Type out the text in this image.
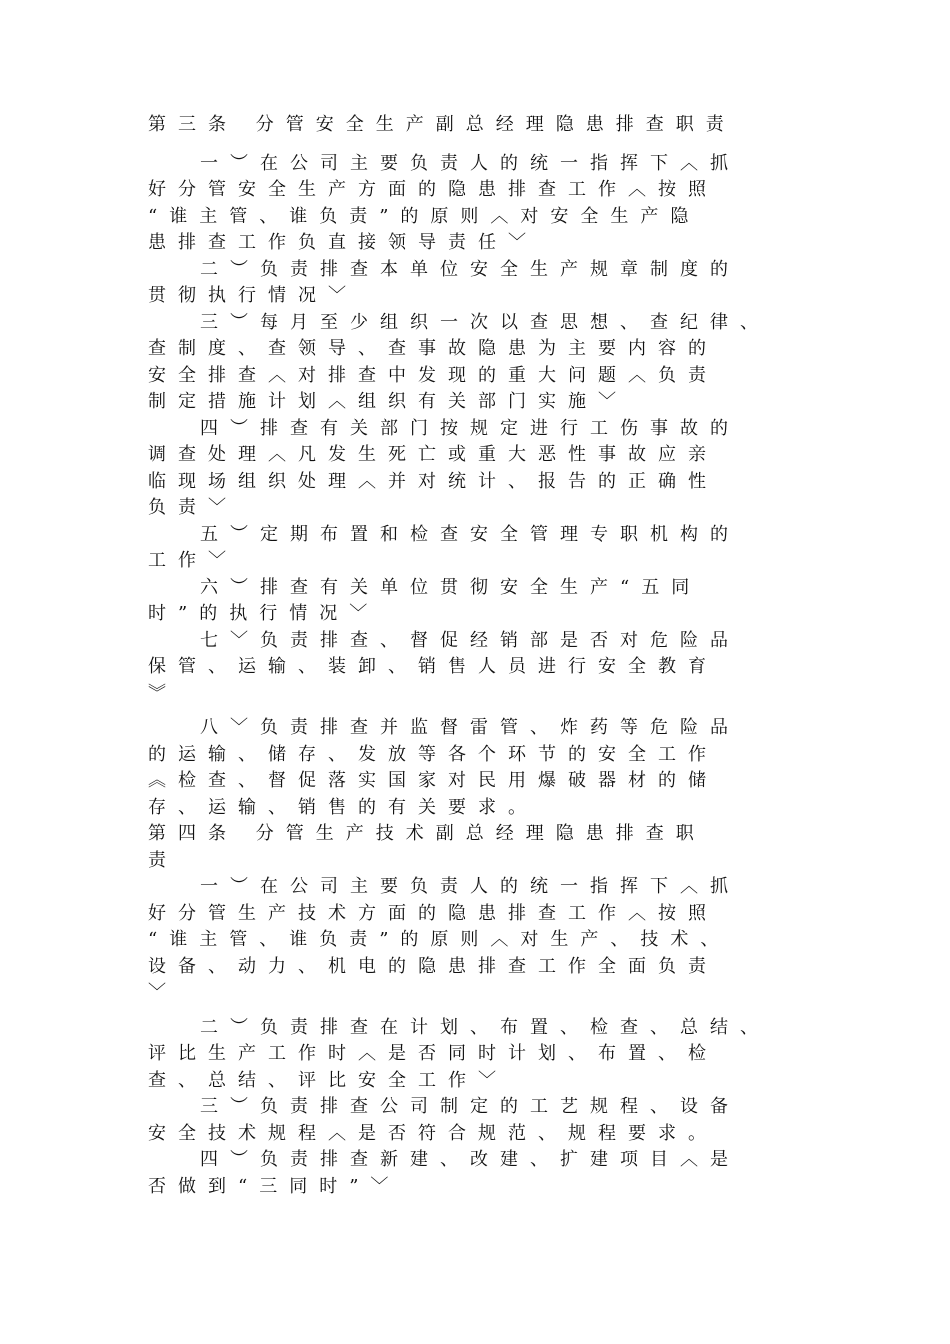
第三条 分管安全生产副总经理隐患排查职责
一︶在公司主要负责人的统一指挥下︿抓
好分管安全生产方面的隐患排查工作︿按照
“谁主管、谁负责”的原则︿对安全生产隐
患排查工作负直接领导责任﹀
二︶负责排查本单位安全生产规章制度的
贯彻执行情况﹀
三︶每月至少组织一次以查思想、查纪律、
查制度、查领导、查事故隐患为主要内容的
安全排查︿对排查中发现的重大问题︿负责
制定措施计划︿组织有关部门实施﹀
四︶排查有关部门按规定进行工伤事故的
调查处理︿凡发生死亡或重大恶性事故应亲
临现场组织处理︿并对统计、报告的正确性
负责﹀
五︶定期布置和检查安全管理专职机构的
工作﹀
六︶排查有关单位贯彻安全生产“五同
时”的执行情况﹀
七﹀负责排查、督促经销部是否对危险品
保管、运输、装卸、销售人员进行安全教育
︾
八﹀负责排查并监督雷管、炸药等危险品
的运输、储存、发放等各个环节的安全工作
︽检查、督促落实国家对民用爆破器材的储
存、运输、销售的有关要求。
第四条 分管生产技术副总经理隐患排查职
责
一︶在公司主要负责人的统一指挥下︿抓
好分管生产技术方面的隐患排查工作︿按照
“谁主管、谁负责”的原则︿对生产、技术、
设备、动力、机电的隐患排查工作全面负责
﹀
二︶负责排查在计划、布置、检查、总结、
评比生产工作时︿是否同时计划、布置、检
查、总结、评比安全工作﹀
三︶负责排查公司制定的工艺规程、设备
安全技术规程︿是否符合规范、规程要求。
四︶负责排查新建、改建、扩建项目︿是
否做到“三同时”﹀
